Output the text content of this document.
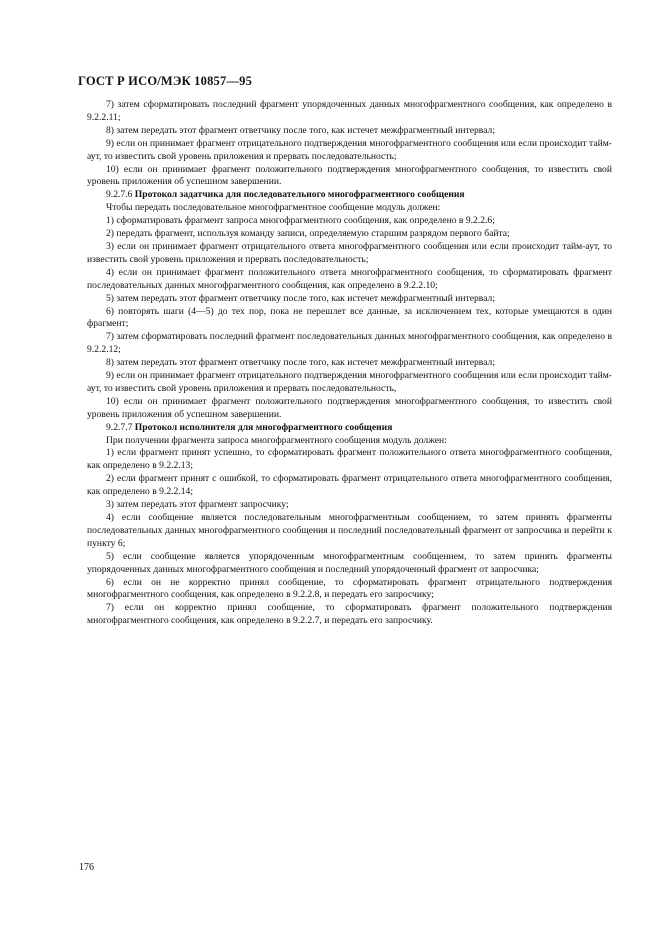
ГОСТ Р ИСО/МЭК 10857—95

7) затем сформатировать последний фрагмент упорядоченных данных многофрагментного сообщения, как определено в 9.2.2.11;

8) затем передать этот фрагмент ответчику после того, как истечет межфрагментный интервал;

9) если он принимает фрагмент отрицательного подтверждения многофрагментного сообщения или если происходит тайм-аут, то известить свой уровень приложения и прервать последовательность;

10) если он принимает фрагмент положительного подтверждения многофрагментного сообщения, то известить свой уровень приложения об успешном завершении.

9.2.7.6 Протокол задатчика для последовательного многофрагментного сообщения

Чтобы передать последовательное многофрагментное сообщение модуль должен:

1) сформатировать фрагмент запроса многофрагментного сообщения, как определено в 9.2.2.6;

2) передать фрагмент, используя команду записи, определяемую старшим разрядом первого байта;

3) если он принимает фрагмент отрицательного ответа многофрагментного сообщения или если происходит тайм-аут, то известить свой уровень приложения и прервать последовательность;

4) если он принимает фрагмент положительного ответа многофрагментного сообщения, то сформатировать фрагмент последовательных данных многофрагментного сообщения, как определено в 9.2.2.10;

5) затем передать этот фрагмент ответчику после того, как истечет межфрагментный интервал;

6) повторять шаги (4—5) до тех пор, пока не перешлет все данные, за исключением тех, которые умещаются в один фрагмент;

7) затем сформатировать последний фрагмент последовательных данных многофрагментного сообщения, как определено в 9.2.2.12;

8) затем передать этот фрагмент ответчику после того, как истечет межфрагментный интервал;

9) если он принимает фрагмент отрицательного подтверждения многофрагментного сообщения или если происходит тайм-аут, то известить свой уровень приложения и прервать последовательность,

10) если он принимает фрагмент положительного подтверждения многофрагментного сообщения, то известить свой уровень приложения об успешном завершении.

9.2.7.7 Протокол исполнителя для многофрагментного сообщения

При получении фрагмента запроса многофрагментного сообщения модуль должен:

1) если фрагмент принят успешно, то сформатировать фрагмент положительного ответа многофрагментного сообщения, как определено в 9.2.2.13;

2) если фрагмент принят с ошибкой, то сформатировать фрагмент отрицательного ответа многофрагментного сообщения, как определено в 9.2.2.14;

3) затем передать этот фрагмент запросчику;

4) если сообщение является последовательным многофрагментным сообщением, то затем принять фрагменты последовательных данных многофрагментного сообщения и последний последовательный фрагмент от запросчика и перейти к пункту 6;

5) если сообщение является упорядоченным многофрагментным сообщением, то затем принять фрагменты упорядоченных данных многофрагментного сообщения и последний упорядоченный фрагмент от запросчика;

6) если он не корректно принял сообщение, то сформатировать фрагмент отрицательного подтверждения многофрагментного сообщения, как определено в 9.2.2.8, и передать его запросчику;

7) если он корректно принял сообщение, то сформатировать фрагмент положительного подтверждения многофрагментного сообщения, как определено в 9.2.2.7, и передать его запросчику.

176
